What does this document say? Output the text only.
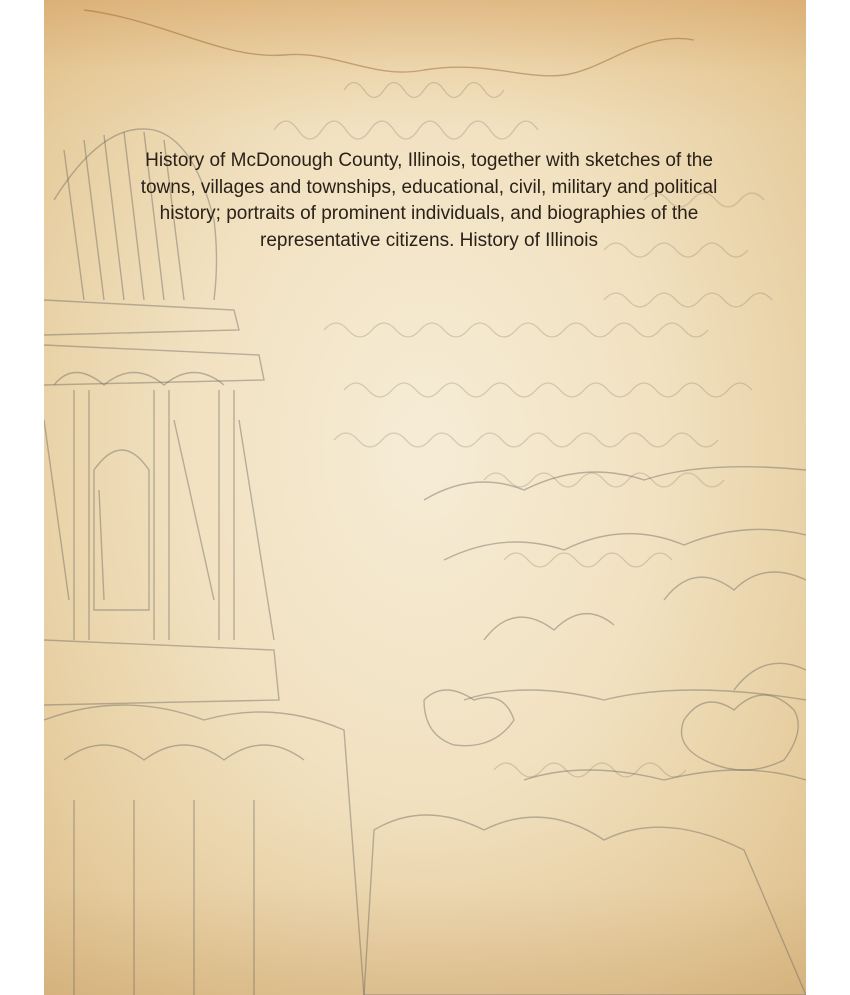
History of McDonough County, Illinois, together with sketches of the towns, villages and townships, educational, civil, military and political history; portraits of prominent individuals, and biographies of the representative citizens. History of Illinois
